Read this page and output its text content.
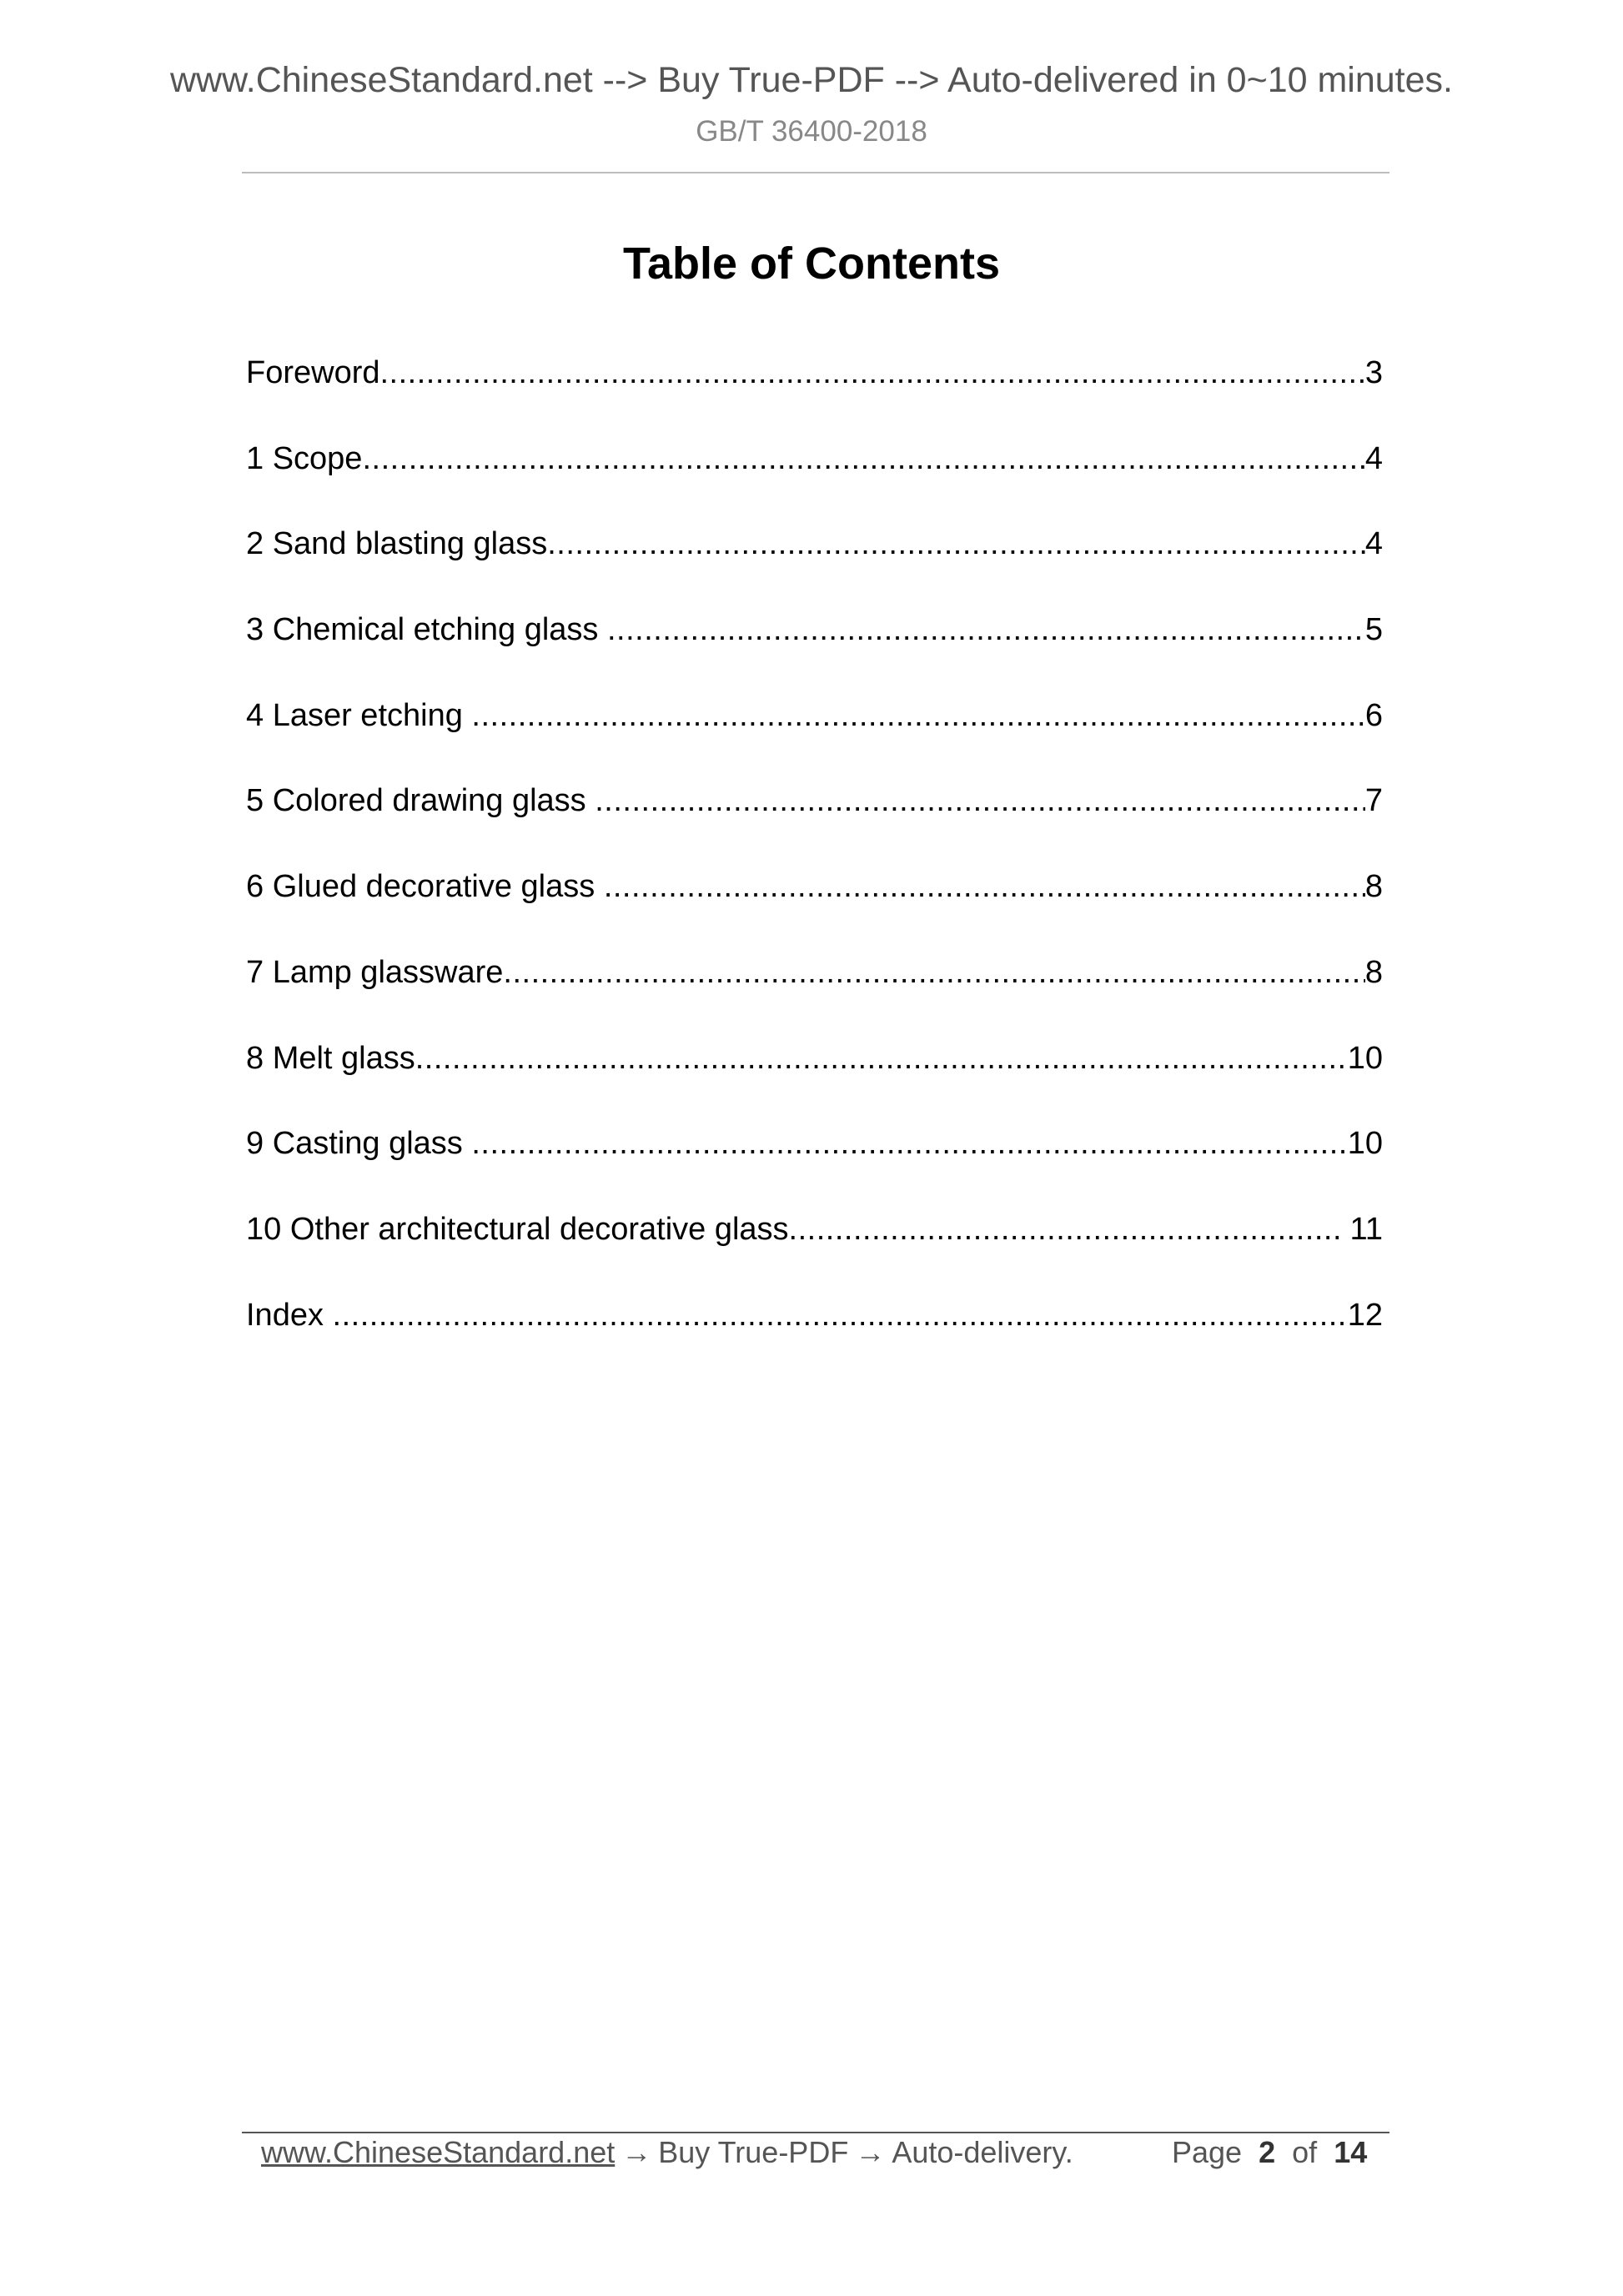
www.ChineseStandard.net --> Buy True-PDF --> Auto-delivered in 0~10 minutes.
GB/T 36400-2018
Table of Contents
Foreword .....	3
1 Scope .....	4
2 Sand blasting glass .....	4
3 Chemical etching glass .....	5
4 Laser etching .....	6
5 Colored drawing glass .....	7
6 Glued decorative glass .....	8
7 Lamp glassware .....	8
8 Melt glass .....	10
9 Casting glass .....	10
10 Other architectural decorative glass .....	11
Index .....	12
www.ChineseStandard.net → Buy True-PDF → Auto-delivery.	Page 2 of 14
